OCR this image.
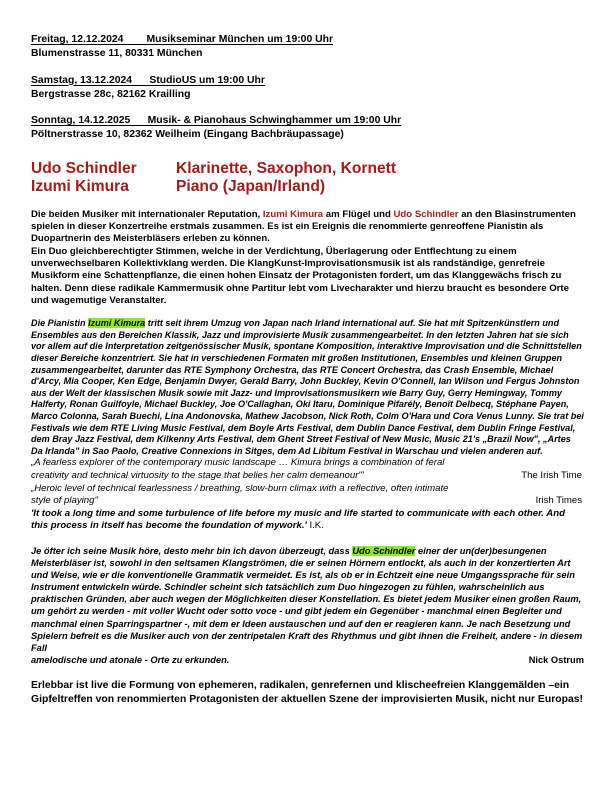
Freitag, 12.12.2024        Musikseminar München um 19:00 Uhr
Blumenstrasse 11, 80331 München
Samstag, 13.12.2024      StudioUS um 19:00 Uhr
Bergstrasse 28c, 82162 Krailling
Sonntag, 14.12.2025      Musik- & Pianohaus Schwinghammer um 19:00 Uhr
Pöltnerstrasse 10, 82362 Weilheim (Eingang Bachbräupassage)
Udo Schindler	Klarinette, Saxophon, Kornett
Izumi Kimura	Piano (Japan/Irland)

Die beiden Musiker mit internationaler Reputation, Izumi Kimura am Flügel und Udo Schindler an den Blasinstrumenten spielen in dieser Konzertreihe erstmals zusammen. Es ist ein Ereignis die renommierte genreoffene Pianistin als Duopartnerin des Meisterbläsers erleben zu können.
Ein Duo gleichberechtigter Stimmen, welche in der Verdichtung, Überlagerung oder Entflechtung zu einem unverwechselbaren Kollektivklang werden. Die KlangKunst-Improvisationsmusik ist als randständige, genrefreie Musikform eine Schattenpflanze, die einen hohen Einsatz der Protagonisten fordert, um das Klanggewächs frisch zu halten. Denn diese radikale Kammermusik ohne Partitur lebt vom Livecharakter und hierzu braucht es besondere Orte und wagemutige Veranstalter.

Die Pianistin Izumi Kimura tritt seit ihrem Umzug von Japan nach Irland international auf. Sie hat mit Spitzenkünstlern und Ensembles aus den Bereichen Klassik, Jazz und improvisierte Musik zusammengearbeitet. In den letzten Jahren hat sie sich vor allem auf die Interpretation zeitgenössischer Musik, spontane Komposition, interaktive Improvisation und die Schnittstellen dieser Bereiche konzentriert. Sie hat in verschiedenen Formaten mit großen Institutionen, Ensembles und kleinen Gruppen zusammengearbeitet, darunter das RTE Symphony Orchestra, das RTE Concert Orchestra, das Crash Ensemble, Michael d'Arcy, Mia Cooper, Ken Edge, Benjamin Dwyer, Gerald Barry, John Buckley, Kevin O'Connell, Ian Wilson und Fergus Johnston aus der Welt der klassischen Musik sowie mit Jazz- und Improvisationsmusikern wie Barry Guy, Gerry Hemingway, Tommy Halferty, Ronan Guilfoyle, Michael Buckley, Joe O'Callaghan, Oki Itaru, Dominique Pifarély, Benoît Delbecq, Stéphane Payen, Marco Colonna, Sarah Buechi, Lina Andonovska, Mathew Jacobson, Nick Roth, Colm O'Hara und Cora Venus Lunny. Sie trat bei Festivals wie dem RTE Living Music Festival, dem Boyle Arts Festival, dem Dublin Dance Festival, dem Dublin Fringe Festival, dem Bray Jazz Festival, dem Kilkenny Arts Festival, dem Ghent Street Festival of New Music, Music 21's „Brazil Now", „Artes Da Irlanda" in Sao Paolo, Creative Connexions in Sitges, dem Ad Libitum Festival in Warschau und vielen anderen auf.

„A fearless explorer of the contemporary music landscape … Kimura brings a combination of feral
creativity and technical virtuosity to the stage that belies her calm demeanour'"	The Irish Time

„Heroic level of technical fearlessness / breathing, slow-burn climax with a reflective, often intimate
style of playing"	Irish Times

'It took a long time and some turbulence of life before my music and life started to communicate with each other. And this process in itself has become the foundation of mywork.' I.K.

Je öfter ich seine Musik höre, desto mehr bin ich davon überzeugt, dass Udo Schindler einer der un(der)besungenen Meisterbläser ist, sowohl in den seltsamen Klangströmen, die er seinen Hörnern entlockt, als auch in der konzertierten Art und Weise, wie er die konventionelle Grammatik vermeidet. Es ist, als ob er in Echtzeit eine neue Umgangssprache für sein Instrument entwickeln würde. Schindler scheint sich tatsächlich zum Duo hingezogen zu fühlen, wahrscheinlich aus praktischen Gründen, aber auch wegen der Möglichkeiten dieser Konstellation. Es bietet jedem Musiker einen großen Raum, um gehört zu werden - mit voller Wucht oder sotto voce - und gibt jedem ein Gegenüber - manchmal einen Begleiter und manchmal einen Sparringspartner -, mit dem er Ideen austauschen und auf den er reagieren kann. Je nach Besetzung und Spielern befreit es die Musiker auch von der zentripetalen Kraft des Rhythmus und gibt ihnen die Freiheit, andere - in diesem Fall
amelodische und atonale - Orte zu erkunden.	Nick Ostrum

Erlebbar ist live die Formung von ephemeren, radikalen, genrefernen und klischeefreien Klanggemälden –ein Gipfeltreffen von renommierten Protagonisten der aktuellen Szene der improvisierten Musik, nicht nur Europas!
